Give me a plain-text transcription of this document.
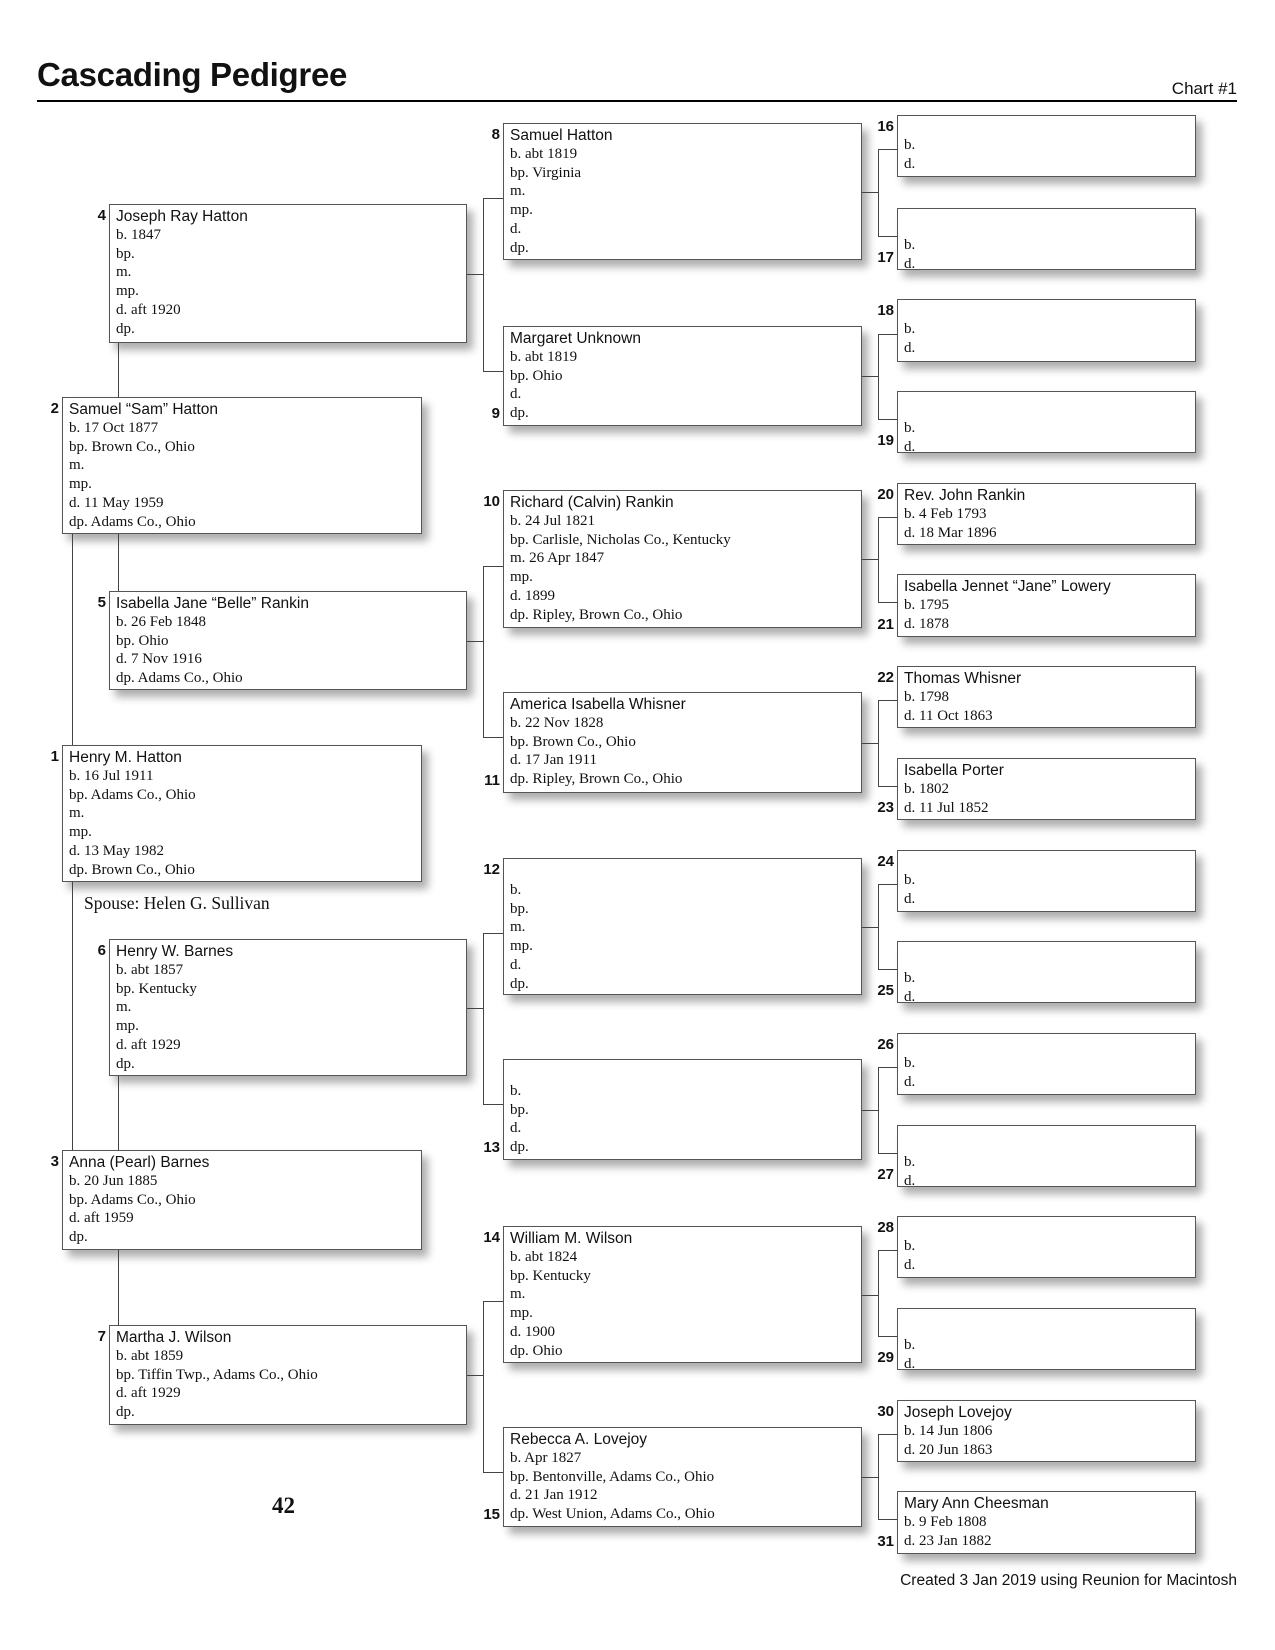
Cascading Pedigree	Chart #1
Henry M. Hatton
b. 16 Jul 1911
bp. Adams Co., Ohio
m.
mp.
d. 13 May 1982
dp. Brown Co., Ohio
1
Samuel “Sam” Hatton
b. 17 Oct 1877
bp. Brown Co., Ohio
m.
mp.
d. 11 May 1959
dp. Adams Co., Ohio
2
Anna (Pearl) Barnes
b. 20 Jun 1885
bp. Adams Co., Ohio
d. aft 1959
dp.
3
Joseph Ray Hatton
b. 1847
bp.
m.
mp.
d. aft 1920
dp.
4
Isabella Jane “Belle” Rankin
b. 26 Feb 1848
bp. Ohio
d. 7 Nov 1916
dp. Adams Co., Ohio
5
Henry W. Barnes
b. abt 1857
bp. Kentucky
m.
mp.
d. aft 1929
dp.
6
Martha J. Wilson
b. abt 1859
bp. Tiffin Twp., Adams Co., Ohio
d. aft 1929
dp.
7
Samuel Hatton
b. abt 1819
bp. Virginia
m.
mp.
d.
dp.
8
Margaret Unknown
b. abt 1819
bp. Ohio
d.
dp.
9
Richard (Calvin) Rankin
b. 24 Jul 1821
bp. Carlisle, Nicholas Co., Kentucky
m. 26 Apr 1847
mp.
d. 1899
dp. Ripley, Brown Co., Ohio
10
America Isabella Whisner
b. 22 Nov 1828
bp. Brown Co., Ohio
d. 17 Jan 1911
dp. Ripley, Brown Co., Ohio
11
b.
bp.
m.
mp.
d.
dp.
12
b.
bp.
d.
dp.
13
William M. Wilson
b. abt 1824
bp. Kentucky
m.
mp.
d. 1900
dp. Ohio
14
Rebecca A. Lovejoy
b. Apr 1827
bp. Bentonville, Adams Co., Ohio
d. 21 Jan 1912
dp. West Union, Adams Co., Ohio
15
b.
d.
16
b.
d.
17
b.
d.
18
b.
d.
19
Rev. John Rankin
b. 4 Feb 1793
d. 18 Mar 1896
20
Isabella Jennet “Jane” Lowery
b. 1795
d. 1878
21
Thomas Whisner
b. 1798
d. 11 Oct 1863
22
Isabella Porter
b. 1802
d. 11 Jul 1852
23
b.
d.
24
b.
d.
25
b.
d.
26
b.
d.
27
b.
d.
28
b.
d.
29
Joseph Lovejoy
b. 14 Jun 1806
d. 20 Jun 1863
30
Mary Ann Cheesman
b. 9 Feb 1808
d. 23 Jan 1882
31
Spouse: Helen G. Sullivan
42
Created 3 Jan 2019 using Reunion for Macintosh
